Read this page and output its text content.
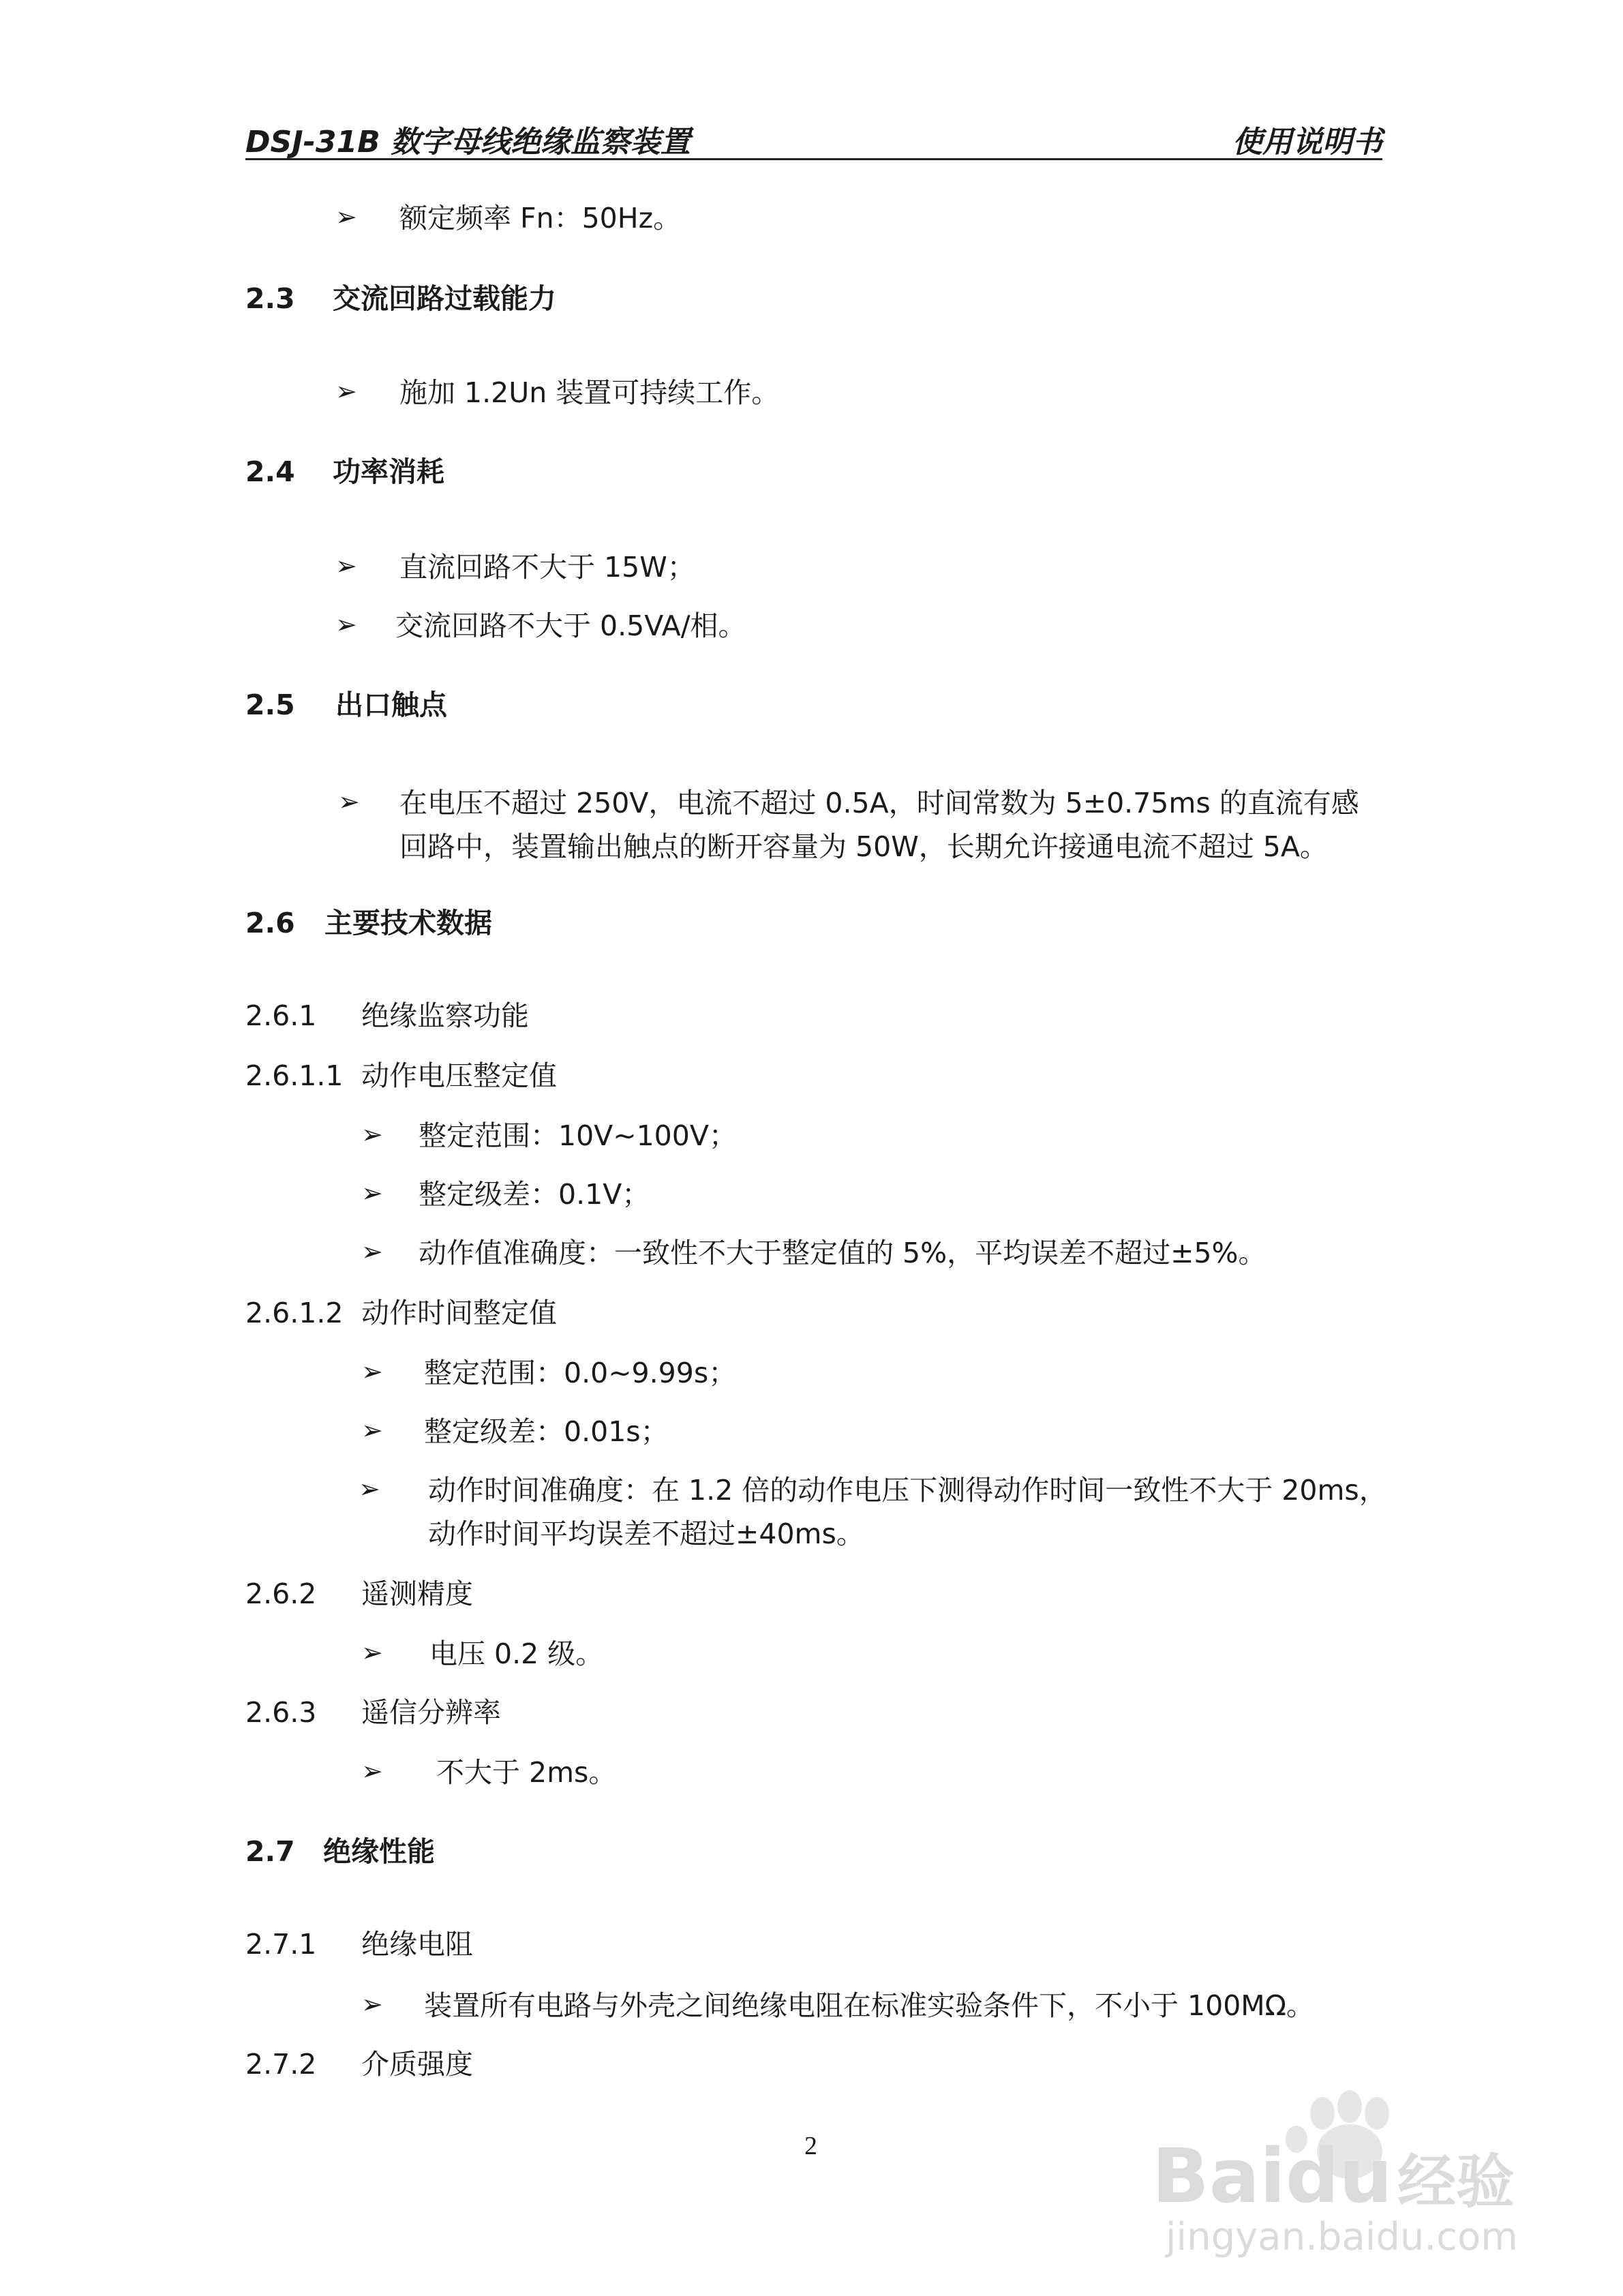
DSJ-31B 数字母线绝缘监察装置	使用说明书
➢ 额定频率 Fn：50Hz。
2.3 交流回路过载能力
➢ 施加 1.2Un 装置可持续工作。
2.4 功率消耗
➢ 直流回路不大于 15W；
➢ 交流回路不大于 0.5VA/相。
2.5 出口触点
➢ 在电压不超过 250V，电流不超过 0.5A，时间常数为 5±0.75ms 的直流有感
回路中，装置输出触点的断开容量为 50W，长期允许接通电流不超过 5A。
2.6 主要技术数据
2.6.1 绝缘监察功能
2.6.1.1 动作电压整定值
➢ 整定范围：10V~100V；
➢ 整定级差：0.1V；
➢ 动作值准确度：一致性不大于整定值的 5%，平均误差不超过±5%。
2.6.1.2 动作时间整定值
➢ 整定范围：0.0~9.99s；
➢ 整定级差：0.01s；
➢ 动作时间准确度：在 1.2 倍的动作电压下测得动作时间一致性不大于 20ms，
动作时间平均误差不超过±40ms。
2.6.2 遥测精度
➢ 电压 0.2 级。
2.6.3 遥信分辨率
➢ 不大于 2ms。
2.7 绝缘性能
2.7.1 绝缘电阻
➢ 装置所有电路与外壳之间绝缘电阻在标准实验条件下，不小于 100MΩ。
2.7.2 介质强度
2	Baidu 经验
jingyan.baidu.com
